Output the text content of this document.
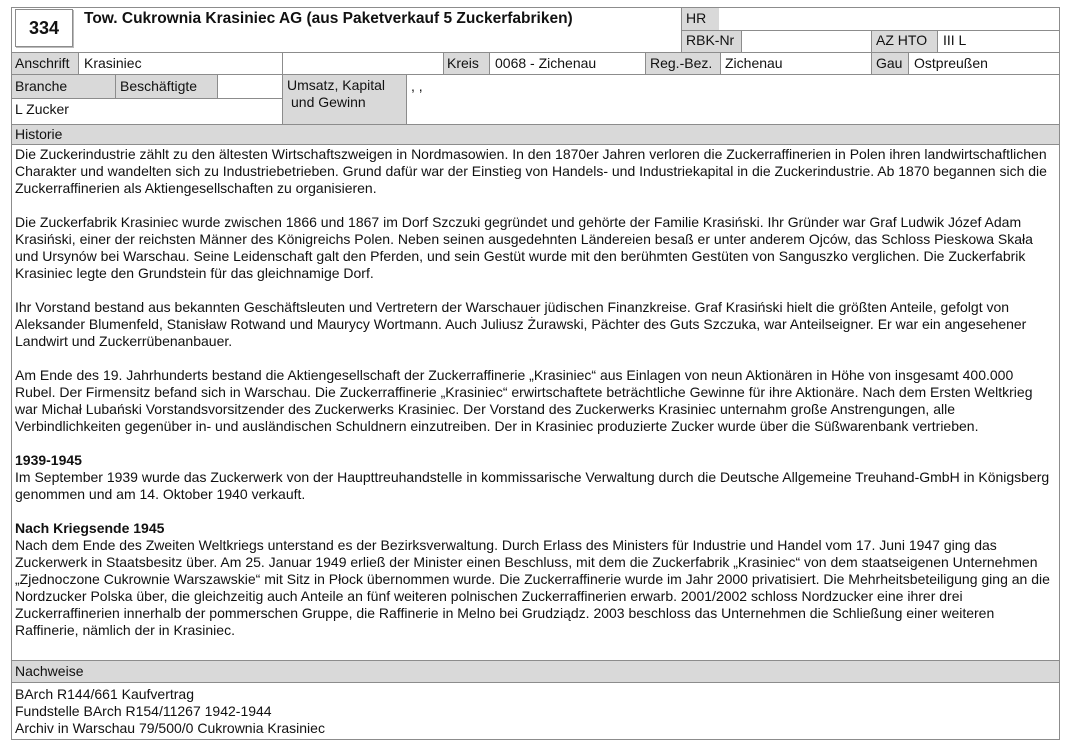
334	Tow. Cukrownia Krasiniec AG (aus Paketverkauf 5 Zuckerfabriken)	HR
RBK-Nr	AZ HTO III L
Anschrift Krasiniec	Kreis 0068 - Zichenau	Reg.-Bez. Zichenau	Gau Ostpreußen
Branche	Beschäftigte
L Zucker
Umsatz, Kapital
und Gewinn
, ,
Historie

Die Zuckerindustrie zählt zu den ältesten Wirtschaftszweigen in Nordmasowien. In den 1870er Jahren verloren die Zuckerraffinerien in Polen ihren landwirtschaftlichen Charakter und wandelten sich zu Industriebetrieben. Grund dafür war der Einstieg von Handels- und Industriekapital in die Zuckerindustrie. Ab 1870 begannen sich die Zuckerraffinerien als Aktiengesellschaften zu organisieren.

Die Zuckerfabrik Krasiniec wurde zwischen 1866 und 1867 im Dorf Szczuki gegründet und gehörte der Familie Krasiński. Ihr Gründer war Graf Ludwik Józef Adam Krasiński, einer der reichsten Männer des Königreichs Polen. Neben seinen ausgedehnten Ländereien besaß er unter anderem Ojców, das Schloss Pieskowa Skała und Ursynów bei Warschau. Seine Leidenschaft galt den Pferden, und sein Gestüt wurde mit den berühmten Gestüten von Sanguszko verglichen. Die Zuckerfabrik Krasiniec legte den Grundstein für das gleichnamige Dorf.

Ihr Vorstand bestand aus bekannten Geschäftsleuten und Vertretern der Warschauer jüdischen Finanzkreise. Graf Krasiński hielt die größten Anteile, gefolgt von Aleksander Blumenfeld, Stanisław Rotwand und Maurycy Wortmann. Auch Juliusz Żurawski, Pächter des Guts Szczuka, war Anteilseigner. Er war ein angesehener Landwirt und Zuckerrübenanbauer.

Am Ende des 19. Jahrhunderts bestand die Aktiengesellschaft der Zuckerraffinerie „Krasiniec“ aus Einlagen von neun Aktionären in Höhe von insgesamt 400.000 Rubel. Der Firmensitz befand sich in Warschau. Die Zuckerraffinerie „Krasiniec“ erwirtschaftete beträchtliche Gewinne für ihre Aktionäre. Nach dem Ersten Weltkrieg war Michał Lubański Vorstandsvorsitzender des Zuckerwerks Krasiniec. Der Vorstand des Zuckerwerks Krasiniec unternahm große Anstrengungen, alle Verbindlichkeiten gegenüber in- und ausländischen Schuldnern einzutreiben. Der in Krasiniec produzierte Zucker wurde über die Süßwarenbank vertrieben.

1939-1945

Im September 1939 wurde das Zuckerwerk von der Haupttreuhandstelle in kommissarische Verwaltung durch die Deutsche Allgemeine Treuhand-GmbH in Königsberg genommen und am 14. Oktober 1940 verkauft.

Nach Kriegsende 1945

Nach dem Ende des Zweiten Weltkriegs unterstand es der Bezirksverwaltung. Durch Erlass des Ministers für Industrie und Handel vom 17. Juni 1947 ging das Zuckerwerk in Staatsbesitz über. Am 25. Januar 1949 erließ der Minister einen Beschluss, mit dem die Zuckerfabrik „Krasiniec“ von dem staatseigenen Unternehmen „Zjednoczone Cukrownie Warszawskie“ mit Sitz in Płock übernommen wurde. Die Zuckerraffinerie wurde im Jahr 2000 privatisiert. Die Mehrheitsbeteiligung ging an die Nordzucker Polska über, die gleichzeitig auch Anteile an fünf weiteren polnischen Zuckerraffinerien erwarb. 2001/2002 schloss Nordzucker eine ihrer drei Zuckerraffinerien innerhalb der pommerschen Gruppe, die Raffinerie in Melno bei Grudziądz. 2003 beschloss das Unternehmen die Schließung einer weiteren Raffinerie, nämlich der in Krasiniec.

Nachweise
BArch R144/661 Kaufvertrag
Fundstelle BArch R154/11267 1942-1944
Archiv in Warschau 79/500/0 Cukrownia Krasiniec
